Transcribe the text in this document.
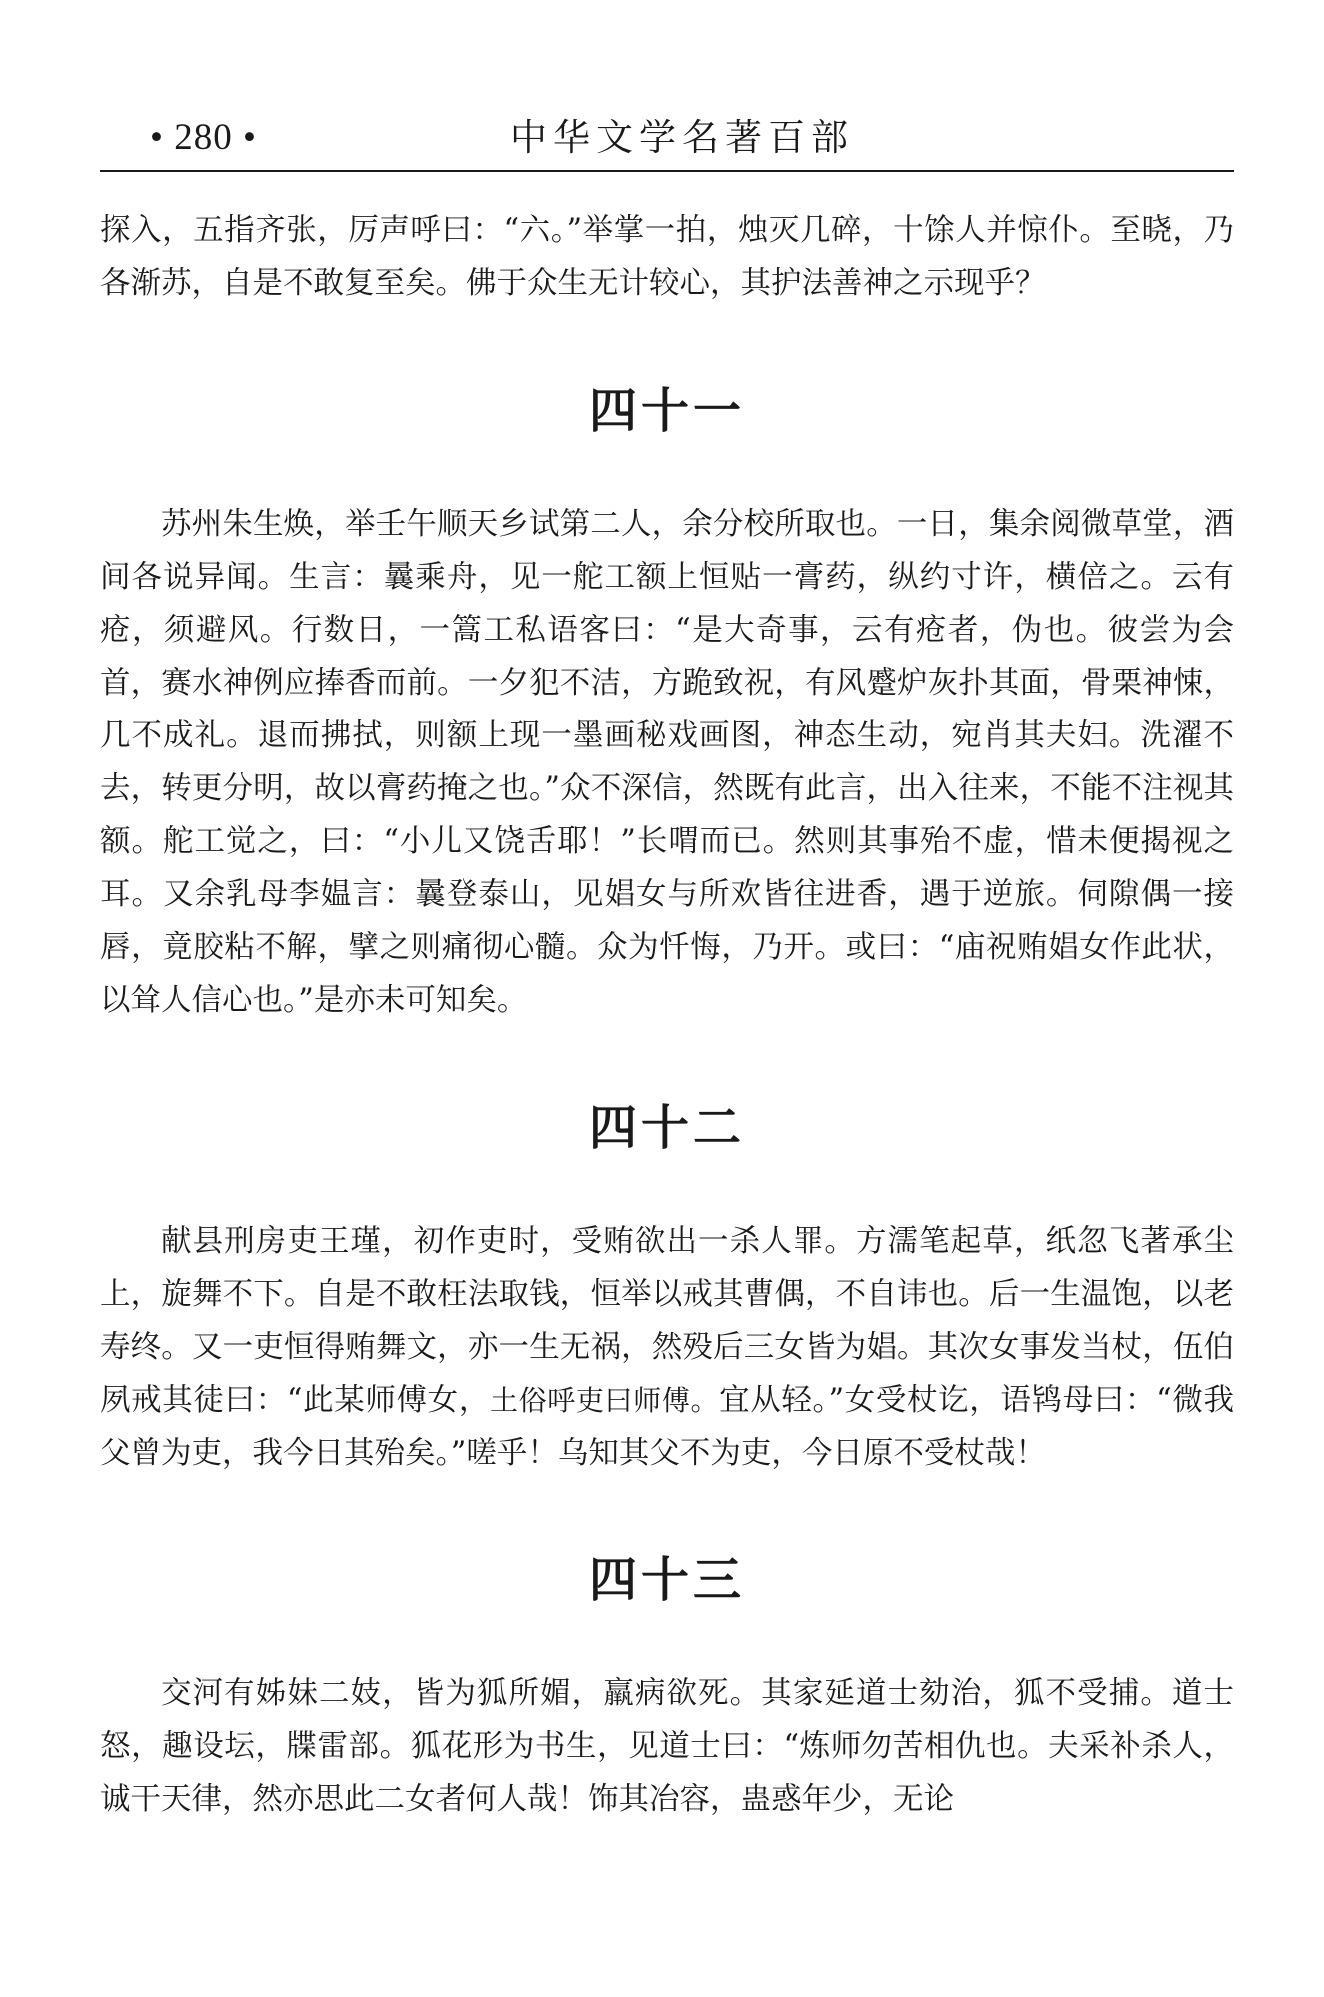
• 280 •	中华文学名著百部

探入，五指齐张，厉声呼曰：“六。”举掌一拍，烛灭几碎，十馀人并惊仆。至晓，乃各渐苏，自是不敢复至矣。佛于众生无计较心，其护法善神之示现乎？

四十一

苏州朱生焕，举壬午顺天乡试第二人，余分校所取也。一日，集余阅微草堂，酒间各说异闻。生言：曩乘舟，见一舵工额上恒贴一膏药，纵约寸许，横倍之。云有疮，须避风。行数日，一篙工私语客曰：“是大奇事，云有疮者，伪也。彼尝为会首，赛水神例应捧香而前。一夕犯不洁，方跪致祝，有风蹙炉灰扑其面，骨栗神悚，几不成礼。退而拂拭，则额上现一墨画秘戏画图，神态生动，宛肖其夫妇。洗濯不去，转更分明，故以膏药掩之也。”众不深信，然既有此言，出入往来，不能不注视其额。舵工觉之，曰：“小儿又饶舌耶！”长喟而已。然则其事殆不虚，惜未便揭视之耳。又余乳母李媪言：曩登泰山，见娼女与所欢皆往进香，遇于逆旅。伺隙偶一接唇，竟胶粘不解，擘之则痛彻心髓。众为忏悔，乃开。或曰：“庙祝贿娼女作此状，以耸人信心也。”是亦未可知矣。

四十二

献县刑房吏王瑾，初作吏时，受贿欲出一杀人罪。方濡笔起草，纸忽飞著承尘上，旋舞不下。自是不敢枉法取钱，恒举以戒其曹偶，不自讳也。后一生温饱，以老寿终。又一吏恒得贿舞文，亦一生无祸，然殁后三女皆为娼。其次女事发当杖，伍伯夙戒其徒曰：“此某师傅女，土俗呼吏曰师傅。宜从轻。”女受杖讫，语鸨母曰：“微我父曾为吏，我今日其殆矣。”嗟乎！乌知其父不为吏，今日原不受杖哉！

四十三

交河有姊妹二妓，皆为狐所媚，羸病欲死。其家延道士劾治，狐不受捕。道士怒，趣设坛，牒雷部。狐花形为书生，见道士曰：“炼师勿苦相仇也。夫采补杀人，诚干天律，然亦思此二女者何人哉！饰其冶容，蛊惑年少，无论
